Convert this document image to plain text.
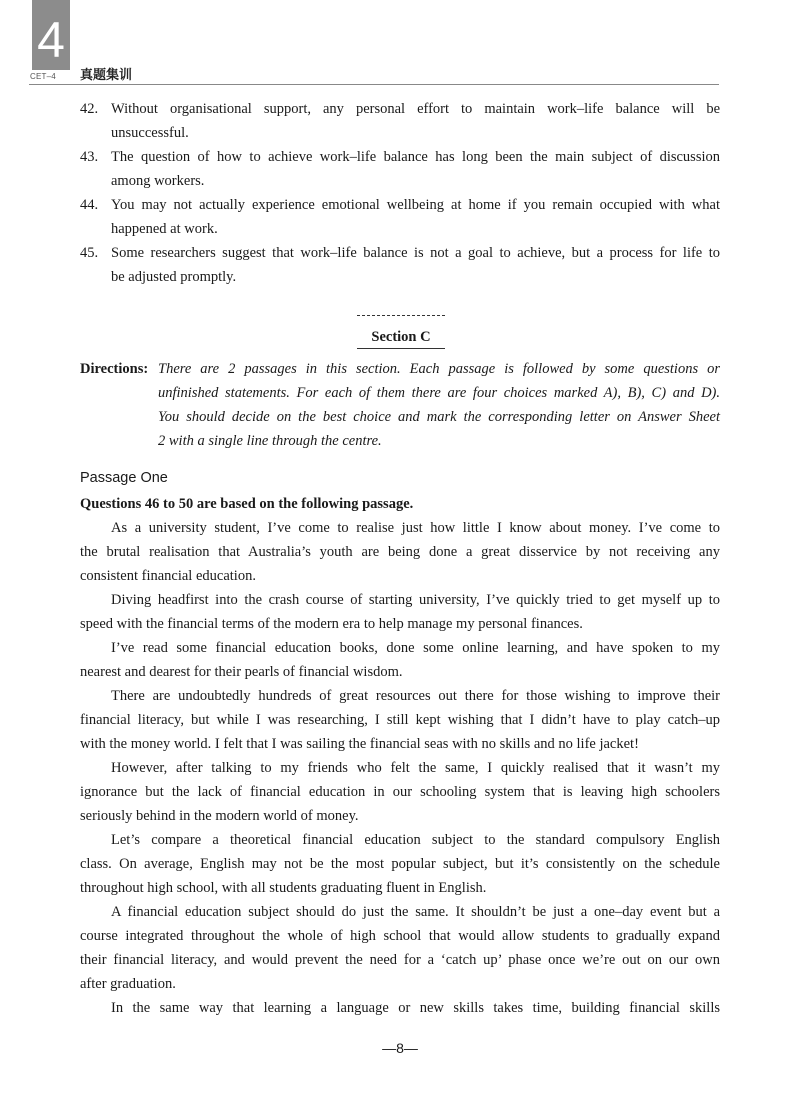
4
CET–4 真题集训
42. Without organisational support, any personal effort to maintain work–life balance will be
unsuccessful.
43. The question of how to achieve work–life balance has long been the main subject of discussion
among workers.
44. You may not actually experience emotional wellbeing at home if you remain occupied with what
happened at work.
45. Some researchers suggest that work–life balance is not a goal to achieve, but a process for life to
be adjusted promptly.
Section C
Directions: There are 2 passages in this section. Each passage is followed by some questions or
unfinished statements. For each of them there are four choices marked A), B), C) and D).
You should decide on the best choice and mark the corresponding letter on Answer Sheet
2 with a single line through the centre.
Passage One
Questions 46 to 50 are based on the following passage.
As a university student, I’ve come to realise just how little I know about money. I’ve come to
the brutal realisation that Australia’s youth are being done a great disservice by not receiving any
consistent financial education.
Diving headfirst into the crash course of starting university, I’ve quickly tried to get myself up to
speed with the financial terms of the modern era to help manage my personal finances.
I’ve read some financial education books, done some online learning, and have spoken to my
nearest and dearest for their pearls of financial wisdom.
There are undoubtedly hundreds of great resources out there for those wishing to improve their
financial literacy, but while I was researching, I still kept wishing that I didn’t have to play catch–up
with the money world. I felt that I was sailing the financial seas with no skills and no life jacket!
However, after talking to my friends who felt the same, I quickly realised that it wasn’t my
ignorance but the lack of financial education in our schooling system that is leaving high schoolers
seriously behind in the modern world of money.
Let’s compare a theoretical financial education subject to the standard compulsory English
class. On average, English may not be the most popular subject, but it’s consistently on the schedule
throughout high school, with all students graduating fluent in English.
A financial education subject should do just the same. It shouldn’t be just a one–day event but a
course integrated throughout the whole of high school that would allow students to gradually expand
their financial literacy, and would prevent the need for a ‘catch up’ phase once we’re out on our own
after graduation.
In the same way that learning a language or new skills takes time, building financial skills
—8—
